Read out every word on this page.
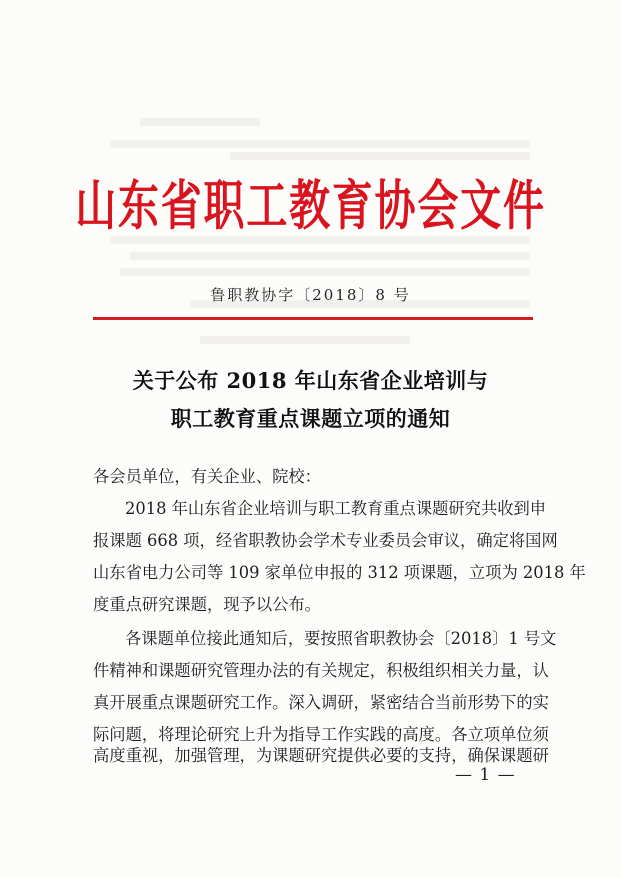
山东省职工教育协会文件
鲁职教协字〔2018〕8 号
关于公布 2018 年山东省企业培训与
职工教育重点课题立项的通知
各会员单位，有关企业、院校：
2018 年山东省企业培训与职工教育重点课题研究共收到申
报课题 668 项，经省职教协会学术专业委员会审议，确定将国网
山东省电力公司等 109 家单位申报的 312 项课题，立项为 2018 年
度重点研究课题，现予以公布。
各课题单位接此通知后，要按照省职教协会〔2018〕1 号文
件精神和课题研究管理办法的有关规定，积极组织相关力量，认
真开展重点课题研究工作。深入调研，紧密结合当前形势下的实
际问题，将理论研究上升为指导工作实践的高度。各立项单位须
高度重视，加强管理，为课题研究提供必要的支持，确保课题研
— 1 —
